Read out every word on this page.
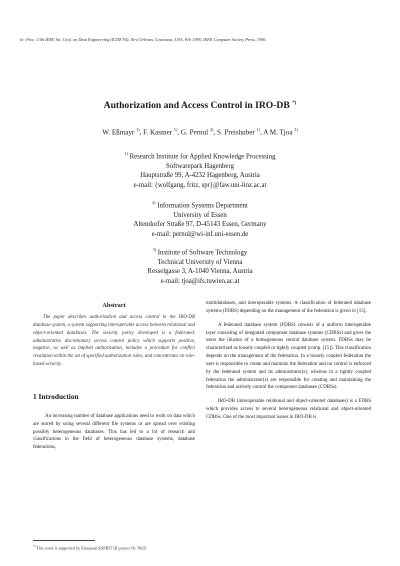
In: Proc. 13th IEEE Int. Conf. on Data Engineering (ICDE'94), New Orleans, Louisiana, USA, Feb 1996, IEEE Computer Society Press, 1996.
Authorization and Access Control in IRO-DB *)
W. Eßmayr $^{1)}$, F. Kastner $^{1)}$, G. Pernul $^{2)}$, S. Preishuber $^{1)}$, A M. Tjoa $^{3)}$
$^{1)}$ Research Institute for Applied Knowledge Processing
Softwarepark Hagenberg
Hauptstraße 99, A-4232 Hagenberg, Austria
e-mail: {wolfgang, fritz, spr}@faw.uni-linz.ac.at
$^{2)}$ Information Systems Department
University of Essen
Altendorfer Straße 97, D-45143 Essen, Germany
e-mail: pernul@wi-inf.uni-essen.de
$^{3)}$ Institute of Software Technology
Technical University of Vienna
Resselgasse 3, A-1040 Vienna, Austria
e-mail: tjoa@ifs.tuwien.ac.at
Abstract
The paper describes authorization and access control in the IRO-DB database system, a system supporting interoperable access between relational and object-oriented databases. The security policy developed is a federated, administrative discretionary access control policy which supports positive, negative, as well as implied authorization, includes a procedure for conflict resolution within the set of specified authorization rules, and concentrates on role-based security.
1 Introduction
An increasing number of database applications need to work on data which are stored by using several different file systems or are spread over existing possibly heterogeneous databases. This has led to a lot of research and classifications in the field of heterogeneous database systems, database federations,
multidatabases, and interoperable systems. A classification of federated database systems (FDBS) depending on the management of the federation is given in [15].
A federated database system (FDBS) consists of a uniform interoperable layer consisting of integrated component database systems (CDBSs) and gives the users the illusion of a homogeneous central database system. FDBSs may be characterized as loosely coupled or tightly coupled (comp. [15]). This classification depends on the management of the federation. In a loosely coupled federation the user is responsible to create and maintain the federation and no control is enforced by the federated system and its administrator(s), whereas in a tightly coupled federation the administrator(s) are responsible for creating and maintaining the federation and actively control the component databases (CDBSs).
IRO-DB (interoperable relational and object-oriented databases) is a FDBS which provides access to several heterogeneous relational and object-oriented CDBSs. One of the most important issues in IRO-DB is
*) This work is supported by European ESPRIT III project Nr. 8629.
